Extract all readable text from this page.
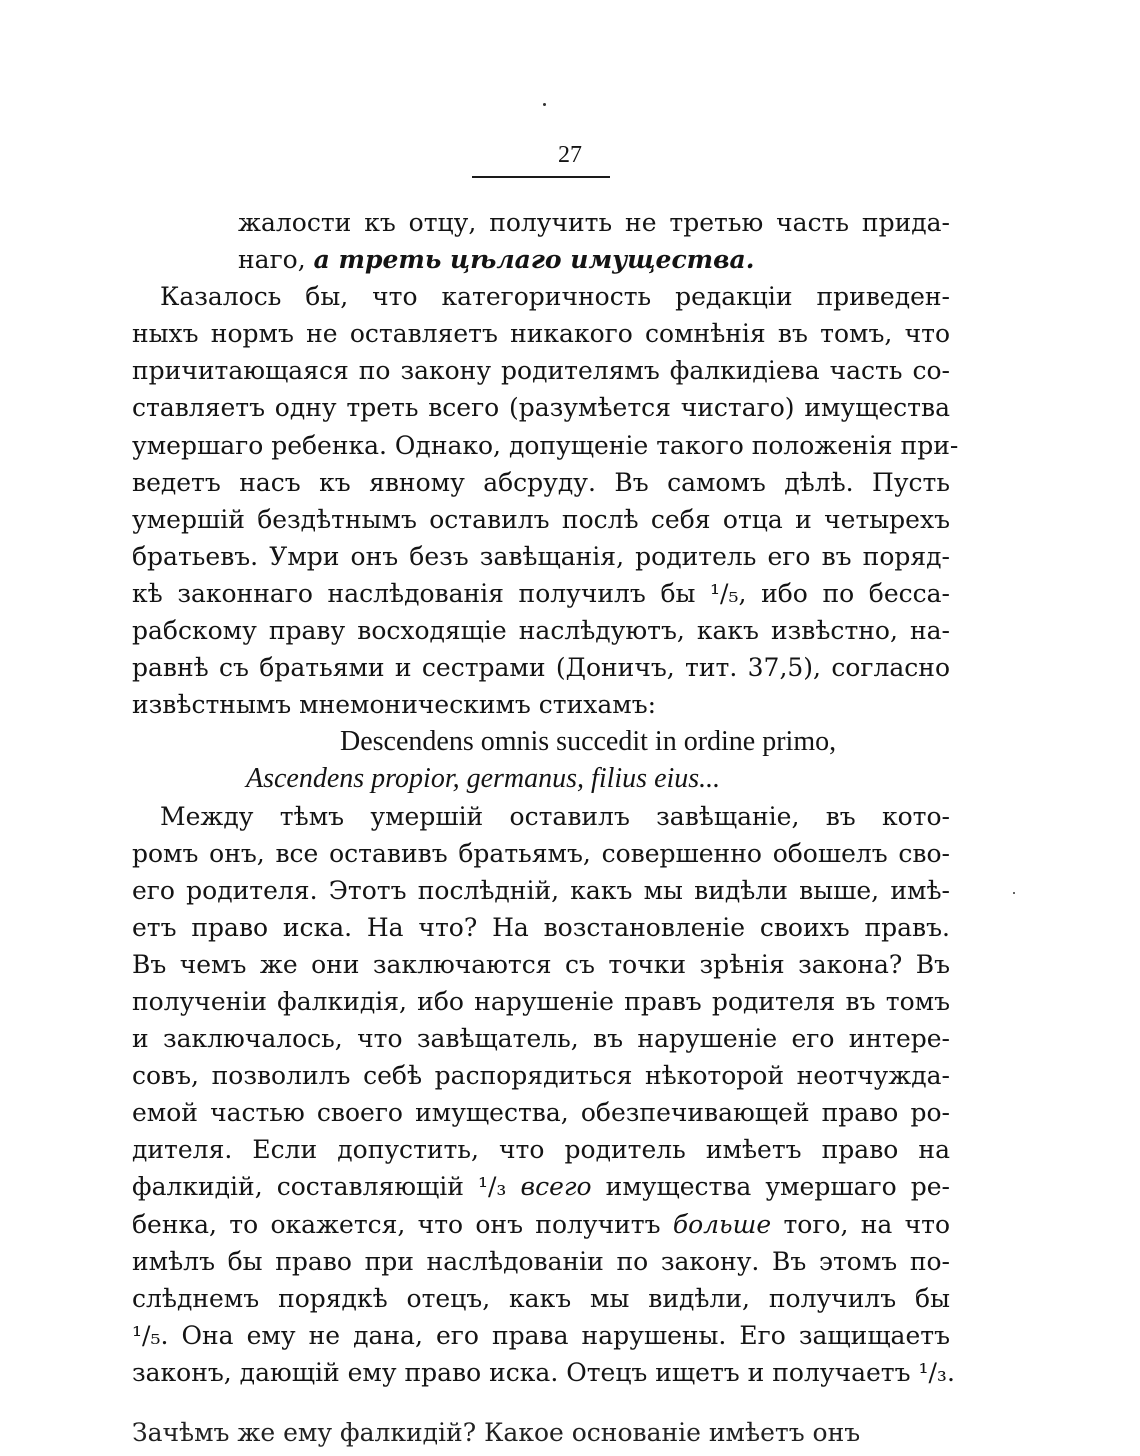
27
жалости къ отцу, получить не третью часть прида-
наго, а треть цѣлаго имущества.
Казалось бы, что категоричность редакціи приведен-
ныхъ нормъ не оставляетъ никакого сомнѣнія въ томъ, что
причитающаяся по закону родителямъ фалкидіева часть со-
ставляетъ одну треть всего (разумѣется чистаго) имущества
умершаго ребенка. Однако, допущеніе такого положенія при-
ведетъ насъ къ явному абсруду. Въ самомъ дѣлѣ. Пусть
умершій бездѣтнымъ оставилъ послѣ себя отца и четырехъ
братьевъ. Умри онъ безъ завѣщанія, родитель его въ поряд-
кѣ законнаго наслѣдованія получилъ бы ¹/₅, ибо по бесса-
рабскому праву восходящіе наслѣдуютъ, какъ извѣстно, на-
равнѣ съ братьями и сестрами (Доничъ, тит. 37,5), согласно
извѣстнымъ мнемоническимъ стихамъ:
Descendens omnis succedit in ordine primo,
Ascendens propior, germanus, filius eius...
Между тѣмъ умершій оставилъ завѣщаніе, въ кото-
ромъ онъ, все оставивъ братьямъ, совершенно обошелъ сво-
его родителя. Этотъ послѣдній, какъ мы видѣли выше, имѣ-
етъ право иска. На что? На возстановленіе своихъ правъ.
Въ чемъ же они заключаются съ точки зрѣнія закона? Въ
полученіи фалкидія, ибо нарушеніе правъ родителя въ томъ
и заключалось, что завѣщатель, въ нарушеніе его интере-
совъ, позволилъ себѣ распорядиться нѣкоторой неотчужда-
емой частью своего имущества, обезпечивающей право ро-
дителя. Если допустить, что родитель имѣетъ право на
фалкидій, составляющій ¹/₃ всего имущества умершаго ре-
бенка, то окажется, что онъ получитъ больше того, на что
имѣлъ бы право при наслѣдованіи по закону. Въ этомъ по-
слѣднемъ порядкѣ отецъ, какъ мы видѣли, получилъ бы
¹/₅. Она ему не дана, его права нарушены. Его защищаетъ
законъ, дающій ему право иска. Отецъ ищетъ и получаетъ ¹/₃.
Зачѣмъ же ему фалкидій? Какое основаніе имѣетъ онъ
